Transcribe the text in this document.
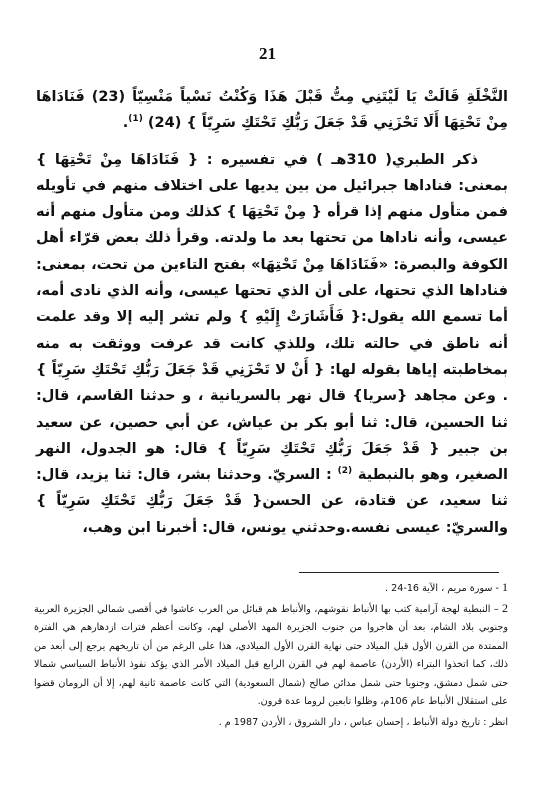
21

النَّخْلَةِ قَالَتْ يَا لَيْتَنِي مِتُّ قَبْلَ هَذَا وَكُنْتُ نَسْياً مَنْسِيّاً (23) فَنَادَاهَا مِنْ تَحْتِهَا أَلَا تَحْزَنِي قَدْ جَعَلَ رَبُّكِ تَحْتَكِ سَرِيّاً } (24) $^{(1)}$.

ذكر الطبري( 310هـ ) في تفسيره : { فَنَادَاهَا مِنْ تَحْتِهَا } بمعنى: فناداها جبرائيل من بين يديها على اختلاف منهم في تأويله فمن متأول منهم إذا قرأه { مِنْ تَحْتِهَا } كذلك ومن متأول منهم أنه عيسى، وأنه ناداها من تحتها بعد ما ولدته. وقرأ ذلك بعض قرّاء أهل الكوفة والبصرة: «فَنَادَاهَا مِنْ تَحْتِهَا» بفتح التاءين من تحت، بمعنى: فناداها الذي تحتها، على أن الذي تحتها عيسى، وأنه الذي نادى أمه، أما تسمع الله يقول:{ فَأَشَارَتْ إِلَيْهِ } ولم تشر إليه إلا وقد علمت أنه ناطق في حالته تلك، وللذي كانت قد عرفت ووثقت به منه بمخاطبته إياها بقوله لها: { أَنْ لا تَحْزَنِي قَدْ جَعَلَ رَبُّكِ تَحْتَكِ سَرِيّاً } . وعن مجاهد {سريا} قال نهر بالسريانية ، و حدثنا القاسم، قال: ثنا الحسين، قال: ثنا أبو بكر بن عياش، عن أبي حصين، عن سعيد بن جبير { قَدْ جَعَلَ رَبُّكِ تَحْتَكِ سَرِيّاً } قال: هو الجدول، النهر الصغير، وهو بالنبطية $^{(2)}$ : السريّ. وحدثنا بشر، قال: ثنا يزيد، قال: ثنا سعيد، عن قتادة، عن الحسن{ قَدْ جَعَلَ رَبُّكِ تَحْتَكِ سَرِيّاً } والسريّ: عيسى نفسه.وحدثني يونس، قال: أخبرنا ابن وهب،

1 - سورة مريم ، الآية 16-24 .

2 – النبطية لهجة آرامية كتب بها الأنباط نقوشهم، والأنباط هم قبائل من العرب عاشوا في أقصى شمالي الجزيرة العربية وجنوبي بلاد الشام، بعد أن هاجروا من جنوب الجزيرة المهد الأصلي لهم، وكانت أعظم فترات ازدهارهم هي الفترة الممتدة من القرن الأول قبل الميلاد حتى نهاية القرن الأول الميلادي، هذا على الرغم من أن تاريخهم يرجع إلى أبعد من ذلك، كما اتخذوا البتراء (الأردن) عاصمة لهم في القرن الرابع قبل الميلاد الأمر الذي يؤكد نفوذ الأنباط السياسي شمالا حتى شمل دمشق، وجنوبا حتى شمل مدائن صالح (شمال السعودية) التي كانت عاصمة ثانية لهم، إلا أن الرومان قضوا على استقلال الأنباط عام 106م، وظلوا تابعين لروما عدة قرون.

انظر : تاريخ دولة الأنباط ، إحسان عباس ، دار الشروق ، الأردن 1987 م .
